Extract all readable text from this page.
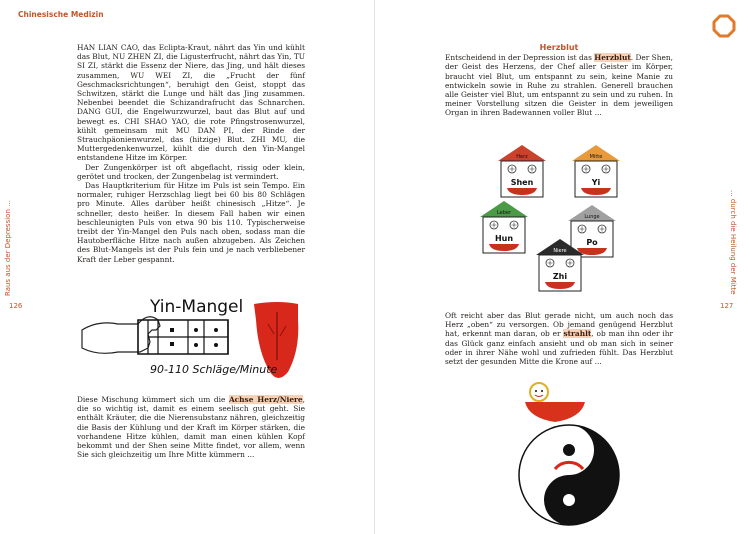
Chinesische Medizin
Raus aus der Depression ...
126

HAN LIAN CAO, das Eclipta-Kraut, nährt das Yin und kühlt das Blut, NU ZHEN ZI, die Ligusterfrucht, nährt das Yin, TU SI ZI, stärkt die Essenz der Niere, das Jing, und hält dieses zusammen, WU WEI ZI, die „Frucht der fünf Geschmacksrichtungen“, beruhigt den Geist, stoppt das Schwitzen, stärkt die Lunge und hält das Jing zusammen. Nebenbei beendet die Schizandrafrucht das Schnarchen. DANG GUI, die Engelwurzwurzel, baut das Blut auf und bewegt es. CHI SHAO YAO, die rote Pfingstrosenwurzel, kühlt gemeinsam mit MU DAN PI, der Rinde der Strauchpäonienwurzel, das (hitzige) Blut. ZHI MU, die Muttergedenkenwurzel, kühlt die durch den Yin-Mangel entstandene Hitze im Körper.

Der Zungenkörper ist oft abgeflacht, rissig oder klein, gerötet und trocken, der Zungenbelag ist vermindert.

Das Hauptkriterium für Hitze im Puls ist sein Tempo. Ein normaler, ruhiger Herzschlag liegt bei 60 bis 80 Schlägen pro Minute. Alles darüber heißt chinesisch „Hitze“. Je schneller, desto heißer. In diesem Fall haben wir einen beschleunigten Puls von etwa 90 bis 110. Typischerweise treibt der Yin-Mangel den Puls nach oben, sodass man die Hautoberfläche Hitze nach außen abzugeben. Als Zeichen des Blut-Mangels ist der Puls fein und je nach verbliebener Kraft der Leber gespannt.

Yin-Mangel
90-110 Schläge/Minute

Diese Mischung kümmert sich um die Achse Herz/Niere, die so wichtig ist, damit es einem seelisch gut geht. Sie enthält Kräuter, die die Nierensubstanz nähren, gleichzeitig die Basis der Kühlung und der Kraft im Körper stärken, die vorhandene Hitze kühlen, damit man einen kühlen Kopf bekommt und der Shen seine Mitte findet, vor allem, wenn Sie sich gleichzeitig um Ihre Mitte kümmern ...

... durch die Heilung der Mitte
127
Herzblut

Entscheidend in der Depression ist das Herzblut. Der Shen, der Geist des Herzens, der Chef aller Geister im Körper, braucht viel Blut, um entspannt zu sein, keine Manie zu entwickeln sowie in Ruhe zu strahlen. Generell brauchen alle Geister viel Blut, um entspannt zu sein und zu ruhen. In meiner Vorstellung sitzen die Geister in dem jeweiligen Organ in ihren Badewannen voller Blut ...

Herz
Shen
Mitte
Yi
Leber
Hun
Lunge
Po
Niere
Zhi

Oft reicht aber das Blut gerade nicht, um auch noch das Herz „oben“ zu versorgen. Ob jemand genügend Herzblut hat, erkennt man daran, ob er strahlt, ob man ihn oder ihr das Glück ganz einfach ansieht und ob man sich in seiner oder in ihrer Nähe wohl und zufrieden fühlt. Das Herzblut setzt der gesunden Mitte die Krone auf ...
